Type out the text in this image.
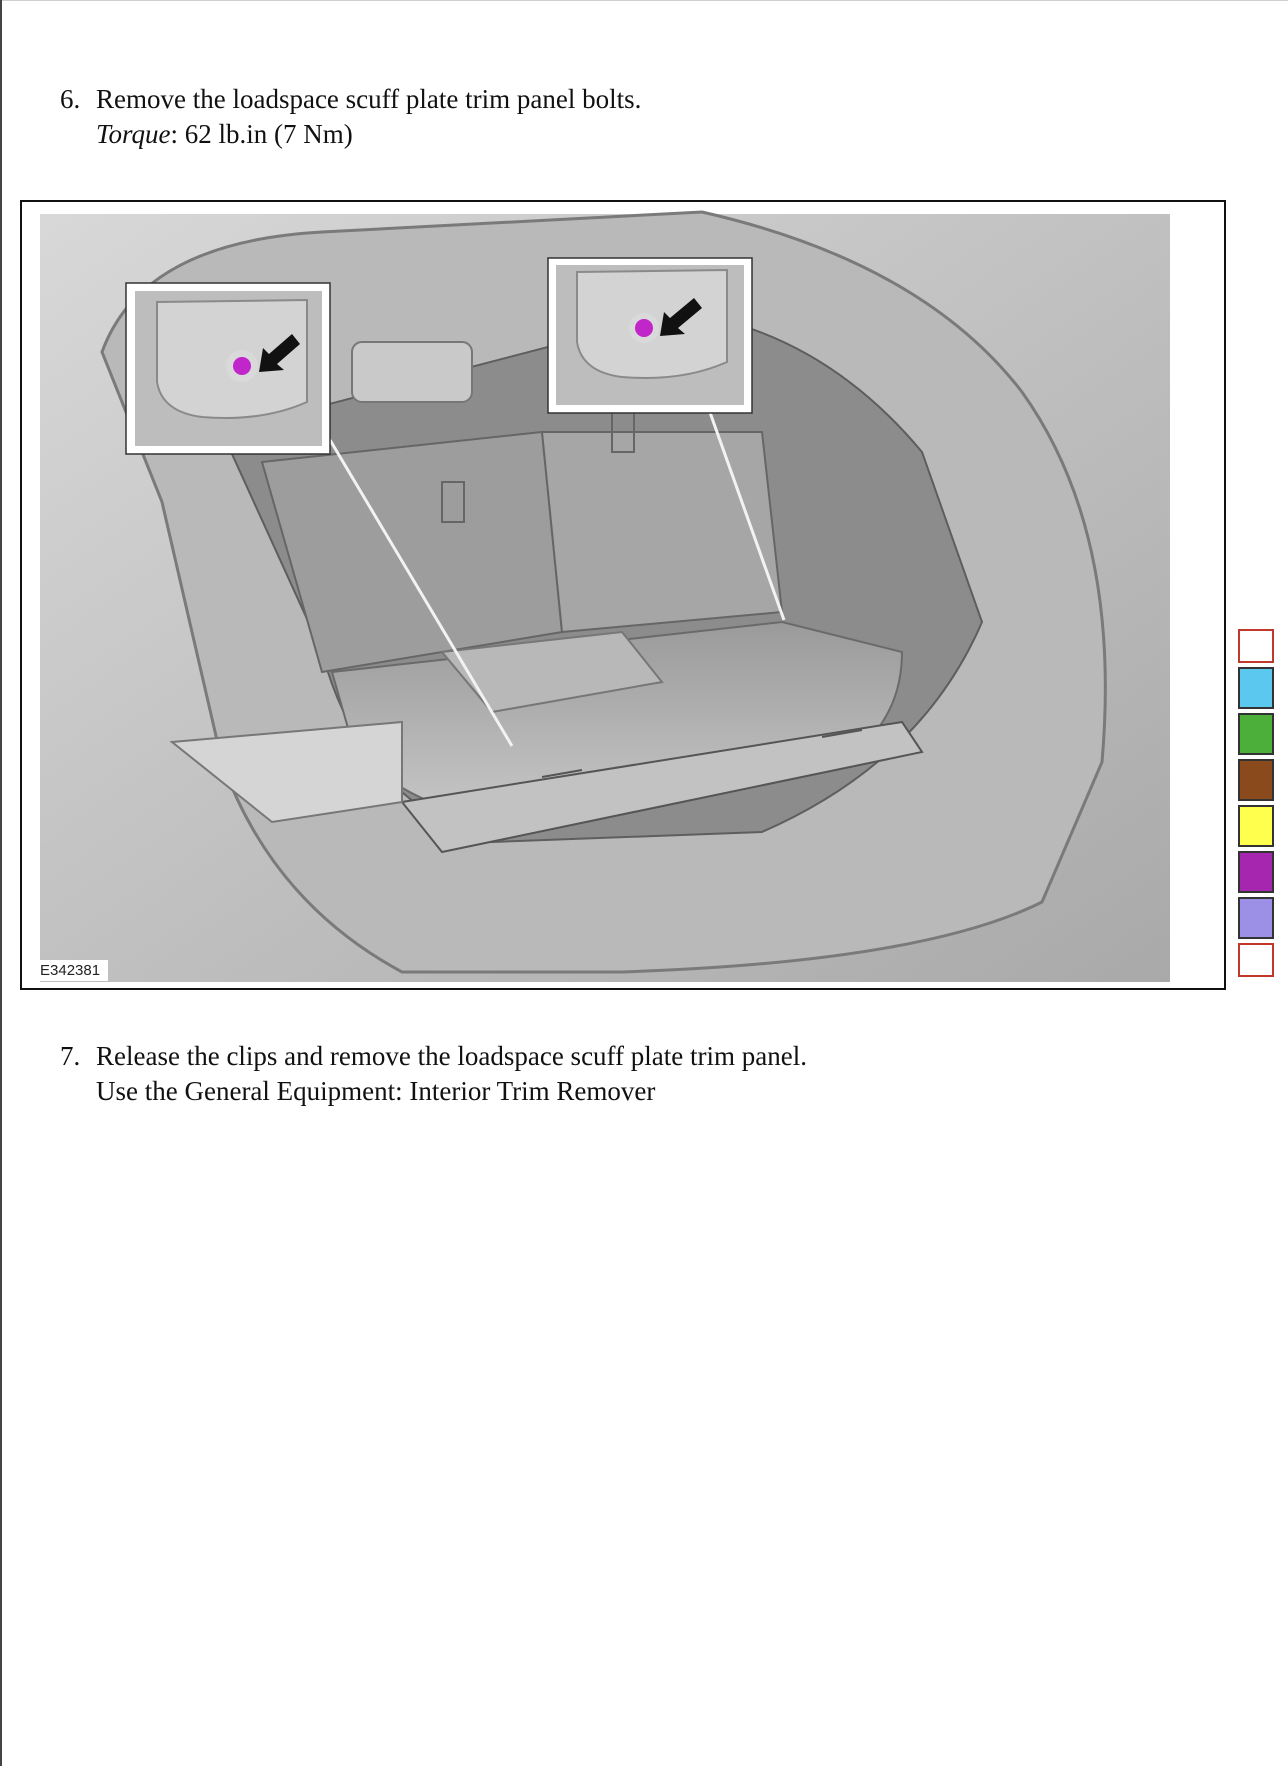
6. Remove the loadspace scuff plate trim panel bolts.
Torque: 62 lb.in (7 Nm)
E342381
7. Release the clips and remove the loadspace scuff plate trim panel.
Use the General Equipment: Interior Trim Remover
